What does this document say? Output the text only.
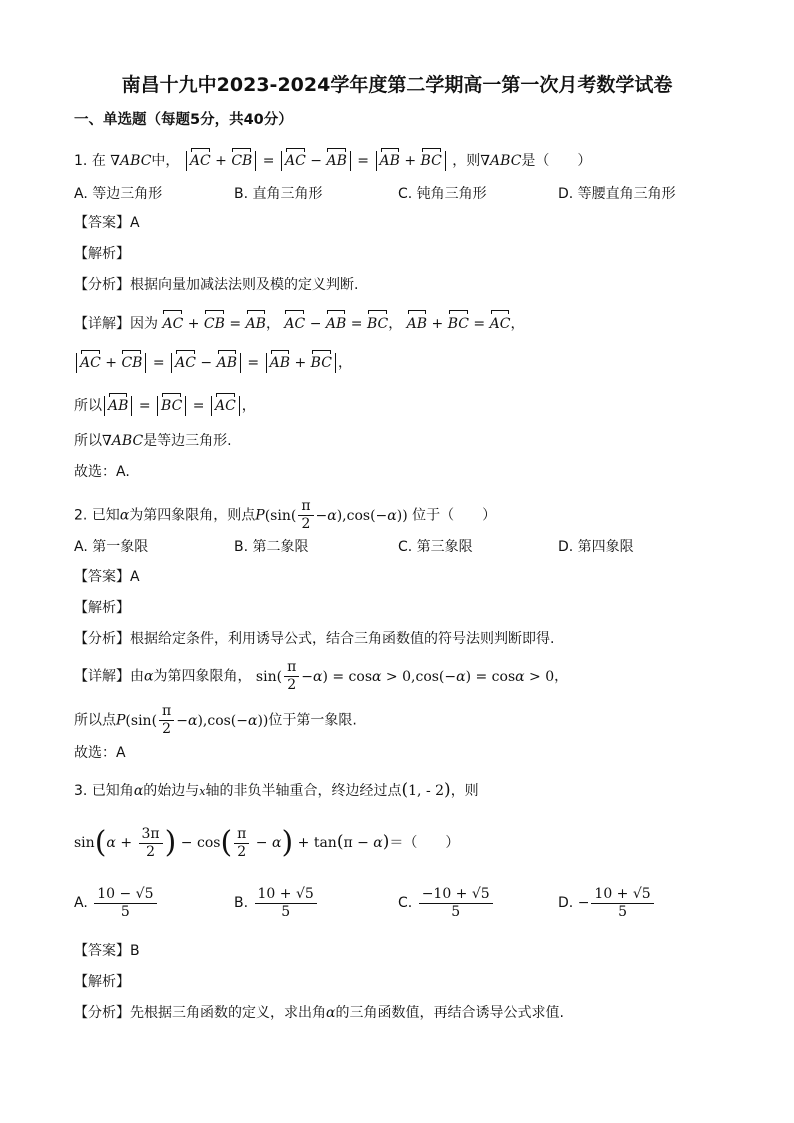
南昌十九中2023-2024学年度第二学期高一第一次月考数学试卷
一、单选题（每题5分，共40分）
1. 在 ∇ABC中， AC + CB = AC − AB = AB + BC ，则∇ABC是（　　）
A. 等边三角形	B. 直角三角形	C. 钝角三角形	D. 等腰直角三角形
【答案】A
【解析】
【分析】根据向量加减法法则及模的定义判断.
【详解】因为 AC + CB = AB， AC − AB = BC， AB + BC = AC，
AC + CB = AC − AB = AB + BC ，
所以 AB = BC = AC ，
所以∇ABC是等边三角形.
故选：A.
2. 已知α为第四象限角，则点$P(\sin( \frac{\pi}{2} -\alpha),\cos(-\alpha))$ 位于（　　）
A. 第一象限	B. 第二象限	C. 第三象限	D. 第四象限
【答案】A
【解析】
【分析】根据给定条件，利用诱导公式，结合三角函数值的符号法则判断即得.
【详解】由α为第四象限角， $\sin( \frac{\pi}{2} -\alpha) = \cos\alpha > 0,\cos(-\alpha) = \cos\alpha > 0$，
所以点$P(\sin( \frac{\pi}{2} -\alpha),\cos(-\alpha))$位于第一象限.
故选：A
3. 已知角α的始边与x轴的非负半轴重合，终边经过点(1, - 2)，则
$\sin(\alpha + \frac{3\pi}{2}$ ) − $\cos( \frac{\pi}{2} - \alpha) + \tan(\pi - \alpha)=$（　　）
A. $\frac{10 - √5}{5}$	B. $\frac{10 + √5}{5}$	C. $\frac{-10 + √5}{5}$	D. − $\frac{10 + √5}{5}$
【答案】B
【解析】
【分析】先根据三角函数的定义，求出角α的三角函数值，再结合诱导公式求值.
